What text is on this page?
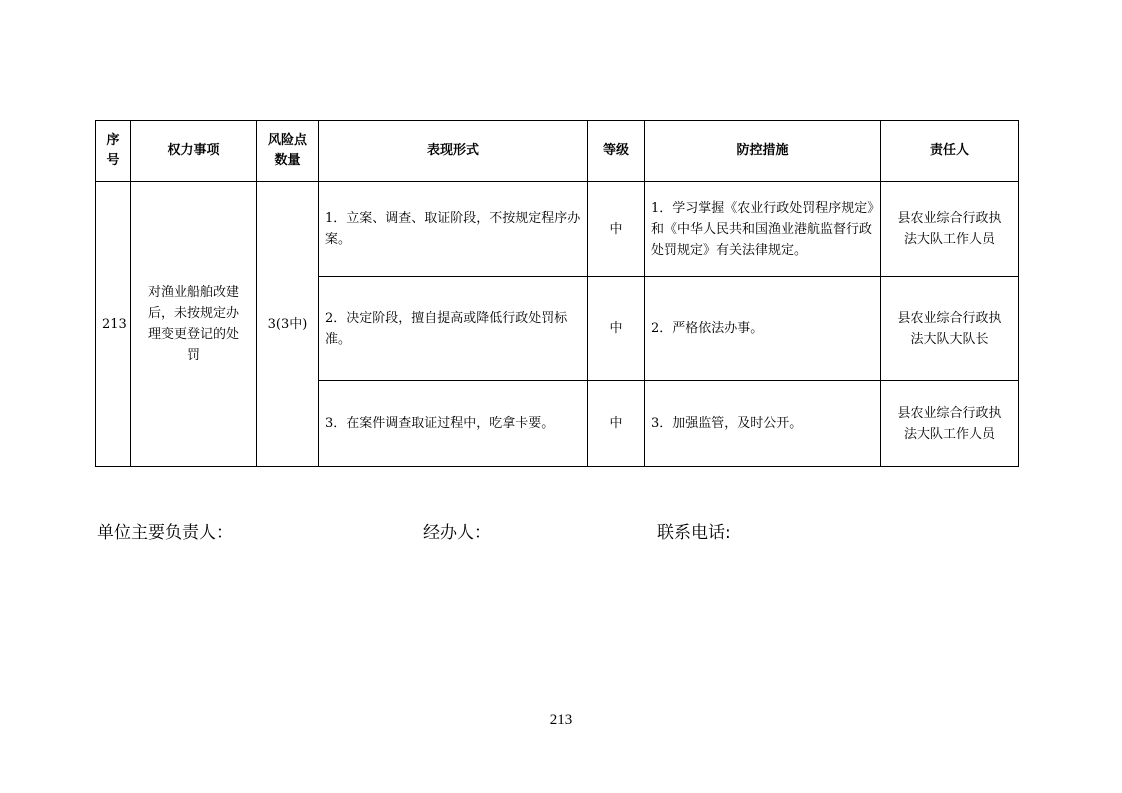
序号	权力事项	风险点数量	表现形式	等级	防控措施	责任人
213	对渔业船舶改建后，未按规定办理变更登记的处罚	3(3中)	1．立案、调查、取证阶段，不按规定程序办案。	中	1．学习掌握《农业行政处罚程序规定》和《中华人民共和国渔业港航监督行政处罚规定》有关法律规定。	县农业综合行政执法大队工作人员
			2．决定阶段，擅自提高或降低行政处罚标准。	中	2．严格依法办事。	县农业综合行政执法大队大队长
			3．在案件调查取证过程中，吃拿卡要。	中	3．加强监管，及时公开。	县农业综合行政执法大队工作人员
单位主要负责人：	经办人：	联系电话:
213
